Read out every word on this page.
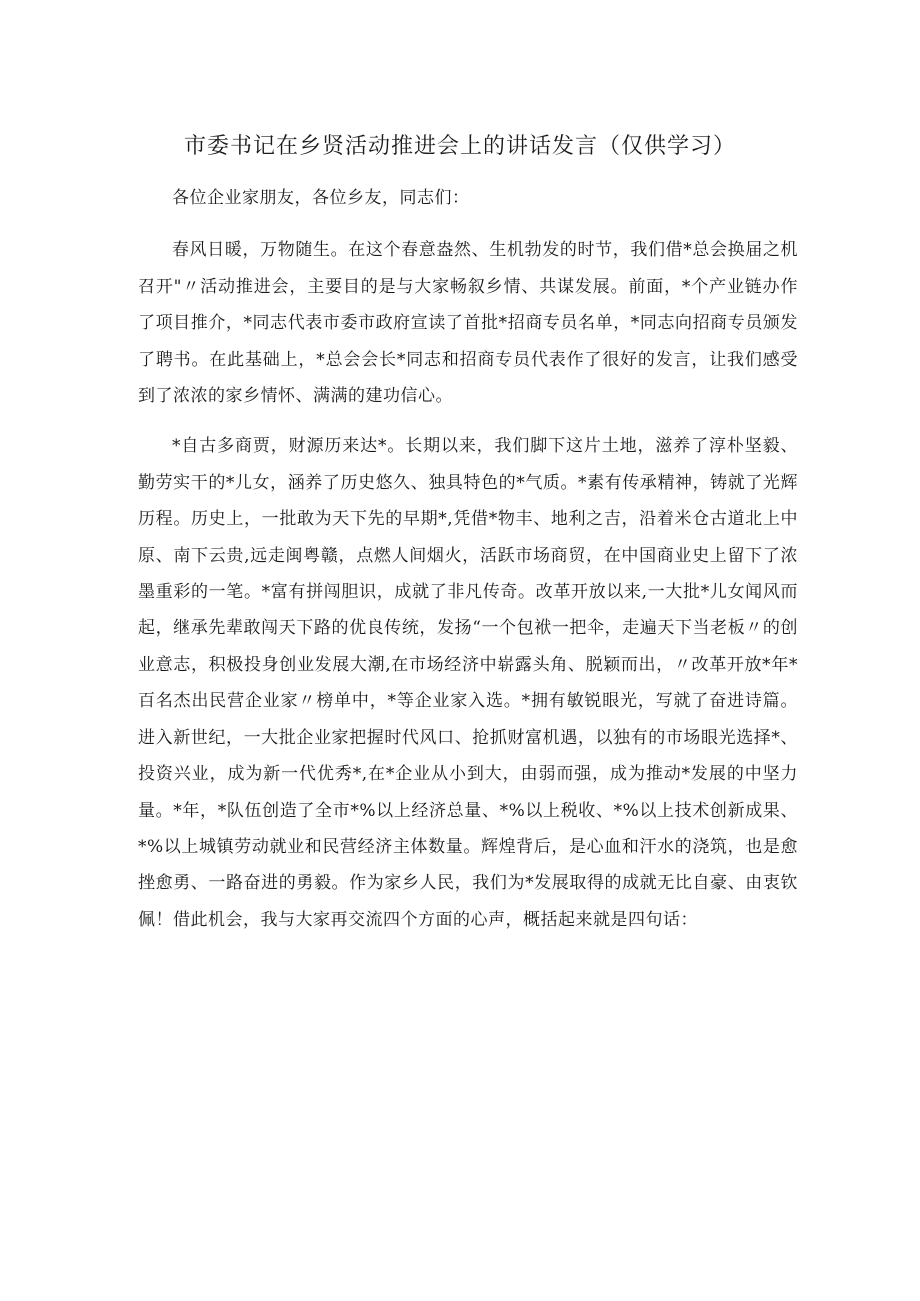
市委书记在乡贤活动推进会上的讲话发言（仅供学习）

各位企业家朋友，各位乡友，同志们：

春风日暖，万物随生。在这个春意盎然、生机勃发的时节，我们借*总会换届之机召开"〃活动推进会，主要目的是与大家畅叙乡情、共谋发展。前面，*个产业链办作了项目推介，*同志代表市委市政府宣读了首批*招商专员名单，*同志向招商专员颁发了聘书。在此基础上，*总会会长*同志和招商专员代表作了很好的发言，让我们感受到了浓浓的家乡情怀、满满的建功信心。

*自古多商贾，财源历来达*。长期以来，我们脚下这片土地，滋养了淳朴坚毅、勤劳实干的*儿女，涵养了历史悠久、独具特色的*气质。*素有传承精神，铸就了光辉历程。历史上，一批敢为天下先的早期*,凭借*物丰、地利之吉，沿着米仓古道北上中原、南下云贵,远走闽粤赣，点燃人间烟火，活跃市场商贸，在中国商业史上留下了浓墨重彩的一笔。*富有拼闯胆识，成就了非凡传奇。改革开放以来,一大批*儿女闻风而起，继承先辈敢闯天下路的优良传统，发扬“一个包袱一把伞，走遍天下当老板〃的创业意志，积极投身创业发展大潮,在市场经济中崭露头角、脱颖而出，〃改革开放*年*百名杰出民营企业家〃榜单中，*等企业家入选。*拥有敏锐眼光，写就了奋进诗篇。进入新世纪，一大批企业家把握时代风口、抢抓财富机遇，以独有的市场眼光选择*、投资兴业，成为新一代优秀*,在*企业从小到大，由弱而强，成为推动*发展的中坚力量。*年，*队伍创造了全市*%以上经济总量、*%以上税收、*%以上技术创新成果、*%以上城镇劳动就业和民营经济主体数量。辉煌背后，是心血和汗水的浇筑，也是愈挫愈勇、一路奋进的勇毅。作为家乡人民，我们为*发展取得的成就无比自豪、由衷钦佩！借此机会，我与大家再交流四个方面的心声，概括起来就是四句话：
